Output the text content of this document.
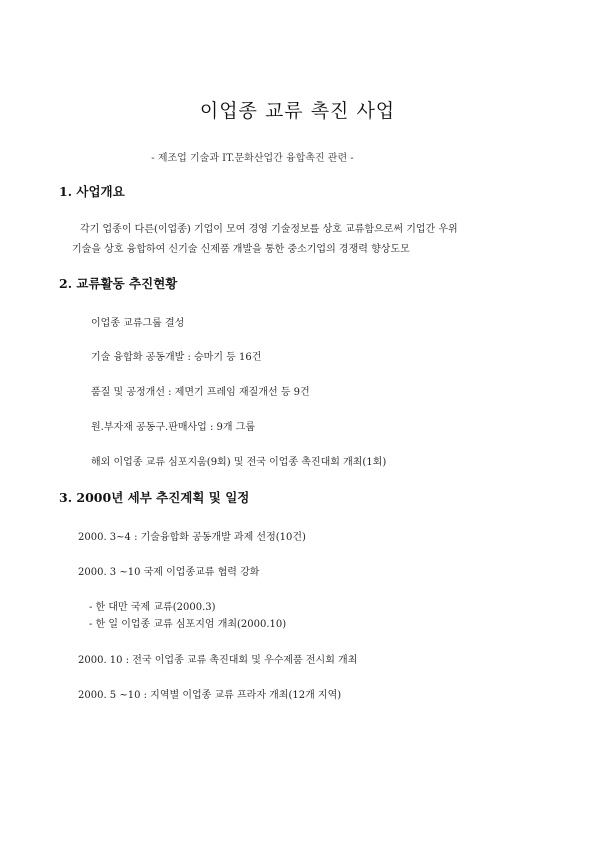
이업종 교류 촉진 사업
- 제조업 기술과 IT.문화산업간 융합촉진 관련 -
1. 사업개요
각기 업종이 다른(이업종) 기업이 모여 경영 기술정보를 상호 교류함으로써 기업간 우위
기술을 상호 융합하여 신기술 신제품 개발을 통한 중소기업의 경쟁력 향상도모
2. 교류활동 추진현황
이업종 교류그룹 결성
기술 융합화 공동개발 : 승마기 등 16건
품질 및 공정개선 : 제면기 프레임 재질개선 등 9건
원.부자재 공동구.판매사업 : 9개 그룹
해외 이업종 교류 심포지움(9회) 및 전국 이업종 촉진대회 개최(1회)
3. 2000년 세부 추진계획 및 일정
2000. 3~4 : 기술융합화 공동개발 과제 선정(10건)
2000. 3 ~10 국제 이업종교류 협력 강화
- 한 대만 국제 교류(2000.3)
- 한 일 이업종 교류 심포지엄 개최(2000.10)
2000. 10 : 전국 이업종 교류 촉진대회 및 우수제품 전시회 개최
2000. 5 ~10 : 지역별 이업종 교류 프라자 개최(12개 지역)
